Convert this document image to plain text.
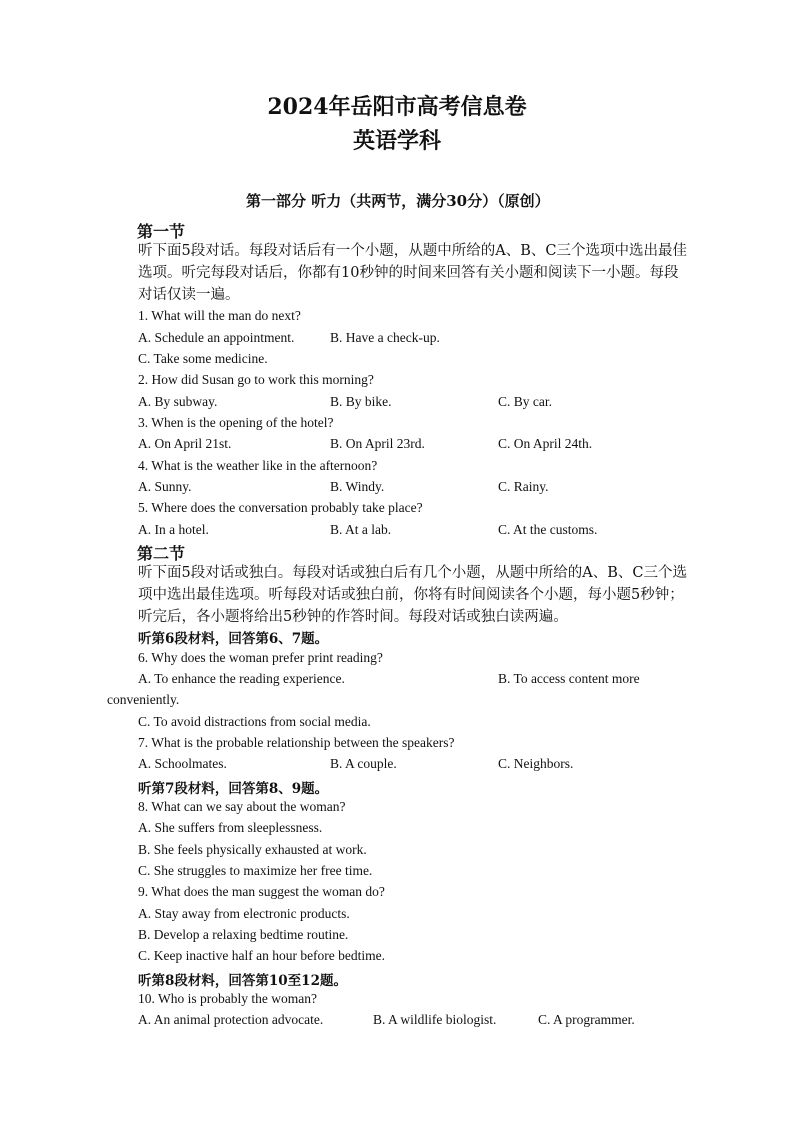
2024年岳阳市高考信息卷
英语学科
第一部分 听力（共两节，满分30分）（原创）
第一节
听下面5段对话。每段对话后有一个小题，从题中所给的A、B、C三个选项中选出最佳选项。听完每段对话后，你都有10秒钟的时间来回答有关小题和阅读下一小题。每段对话仅读一遍。
1. What will the man do next?
A. Schedule an appointment.	B. Have a check-up.
C. Take some medicine.
2. How did Susan go to work this morning?
A. By subway.	B. By bike.	C. By car.
3. When is the opening of the hotel?
A. On April 21st.	B. On April 23rd.	C. On April 24th.
4. What is the weather like in the afternoon?
A. Sunny.	B. Windy.	C. Rainy.
5. Where does the conversation probably take place?
A. In a hotel.	B. At a lab.	C. At the customs.
第二节
听下面5段对话或独白。每段对话或独白后有几个小题，从题中所给的A、B、C三个选项中选出最佳选项。听每段对话或独白前，你将有时间阅读各个小题，每小题5秒钟；听完后，各小题将给出5秒钟的作答时间。每段对话或独白读两遍。
听第6段材料，回答第6、7题。
6. Why does the woman prefer print reading?
A. To enhance the reading experience.	B. To access content more
conveniently.
C. To avoid distractions from social media.
7. What is the probable relationship between the speakers?
A. Schoolmates.	B. A couple.	C. Neighbors.
听第7段材料，回答第8、9题。
8. What can we say about the woman?
A. She suffers from sleeplessness.
B. She feels physically exhausted at work.
C. She struggles to maximize her free time.
9. What does the man suggest the woman do?
A. Stay away from electronic products.
B. Develop a relaxing bedtime routine.
C. Keep inactive half an hour before bedtime.
听第8段材料，回答第10至12题。
10. Who is probably the woman?
A. An animal protection advocate.	B. A wildlife biologist.	C. A programmer.
